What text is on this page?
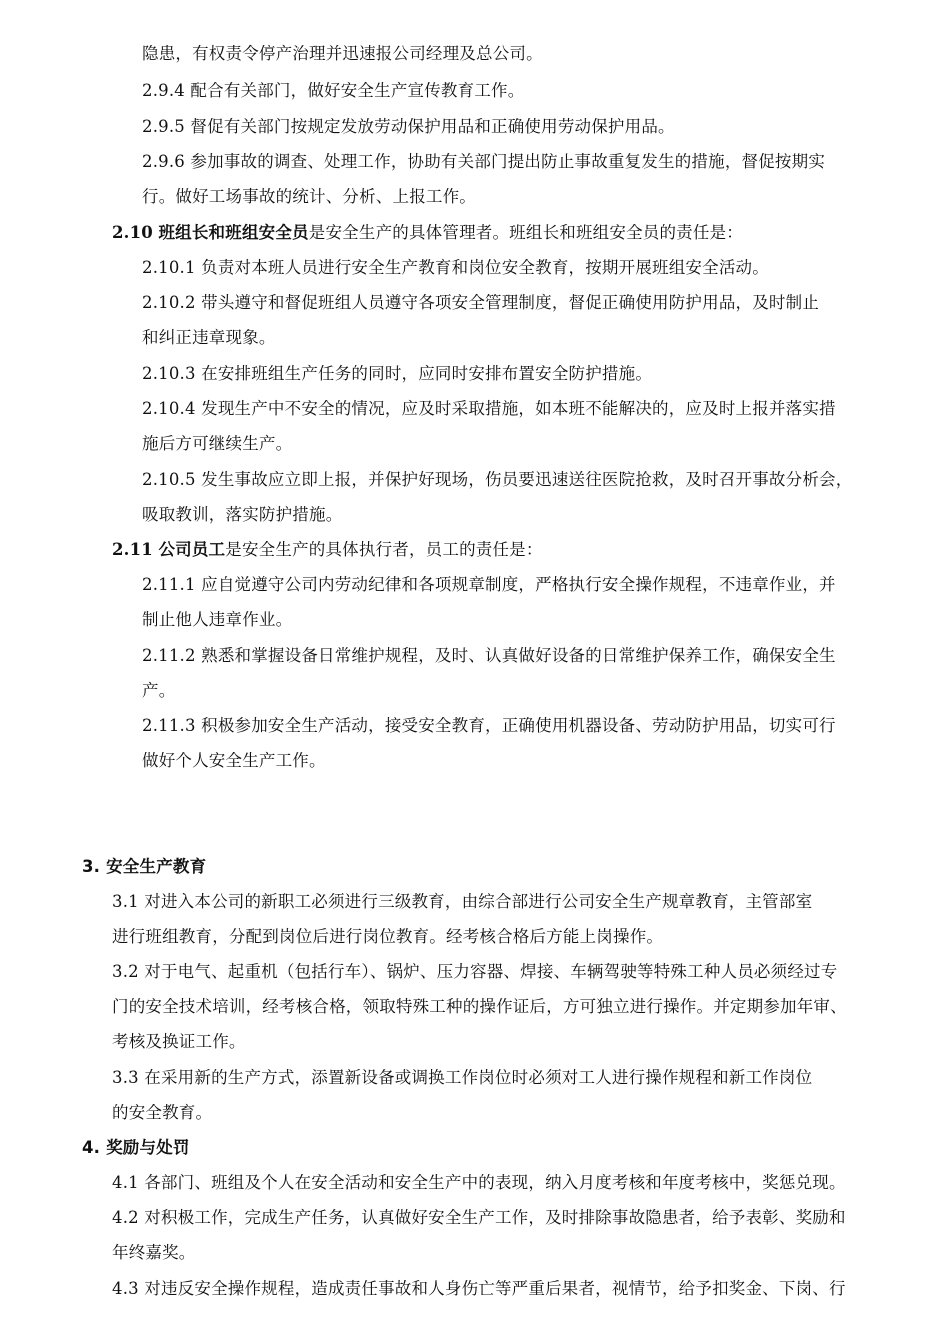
隐患，有权责令停产治理并迅速报公司经理及总公司。
2.9.4 配合有关部门，做好安全生产宣传教育工作。
2.9.5 督促有关部门按规定发放劳动保护用品和正确使用劳动保护用品。
2.9.6 参加事故的调查、处理工作，协助有关部门提出防止事故重复发生的措施，督促按期实
行。做好工场事故的统计、分析、上报工作。
2.10 班组长和班组安全员是安全生产的具体管理者。班组长和班组安全员的责任是：
2.10.1 负责对本班人员进行安全生产教育和岗位安全教育，按期开展班组安全活动。
2.10.2 带头遵守和督促班组人员遵守各项安全管理制度，督促正确使用防护用品，及时制止
和纠正违章现象。
2.10.3 在安排班组生产任务的同时，应同时安排布置安全防护措施。
2.10.4 发现生产中不安全的情况，应及时采取措施，如本班不能解决的，应及时上报并落实措
施后方可继续生产。
2.10.5 发生事故应立即上报，并保护好现场，伤员要迅速送往医院抢救，及时召开事故分析会，
吸取教训，落实防护措施。
2.11 公司员工是安全生产的具体执行者，员工的责任是：
2.11.1 应自觉遵守公司内劳动纪律和各项规章制度，严格执行安全操作规程，不违章作业，并
制止他人违章作业。
2.11.2 熟悉和掌握设备日常维护规程，及时、认真做好设备的日常维护保养工作，确保安全生
产。
2.11.3 积极参加安全生产活动，接受安全教育，正确使用机器设备、劳动防护用品，切实可行
做好个人安全生产工作。
3. 安全生产教育
3.1 对进入本公司的新职工必须进行三级教育，由综合部进行公司安全生产规章教育，主管部室
进行班组教育，分配到岗位后进行岗位教育。经考核合格后方能上岗操作。
3.2 对于电气、起重机（包括行车）、锅炉、压力容器、焊接、车辆驾驶等特殊工种人员必须经过专
门的安全技术培训，经考核合格，领取特殊工种的操作证后，方可独立进行操作。并定期参加年审、
考核及换证工作。
3.3 在采用新的生产方式，添置新设备或调换工作岗位时必须对工人进行操作规程和新工作岗位
的安全教育。
4. 奖励与处罚
4.1 各部门、班组及个人在安全活动和安全生产中的表现，纳入月度考核和年度考核中，奖惩兑现。
4.2 对积极工作，完成生产任务，认真做好安全生产工作，及时排除事故隐患者，给予表彰、奖励和
年终嘉奖。
4.3 对违反安全操作规程，造成责任事故和人身伤亡等严重后果者，视情节，给予扣奖金、下岗、行
